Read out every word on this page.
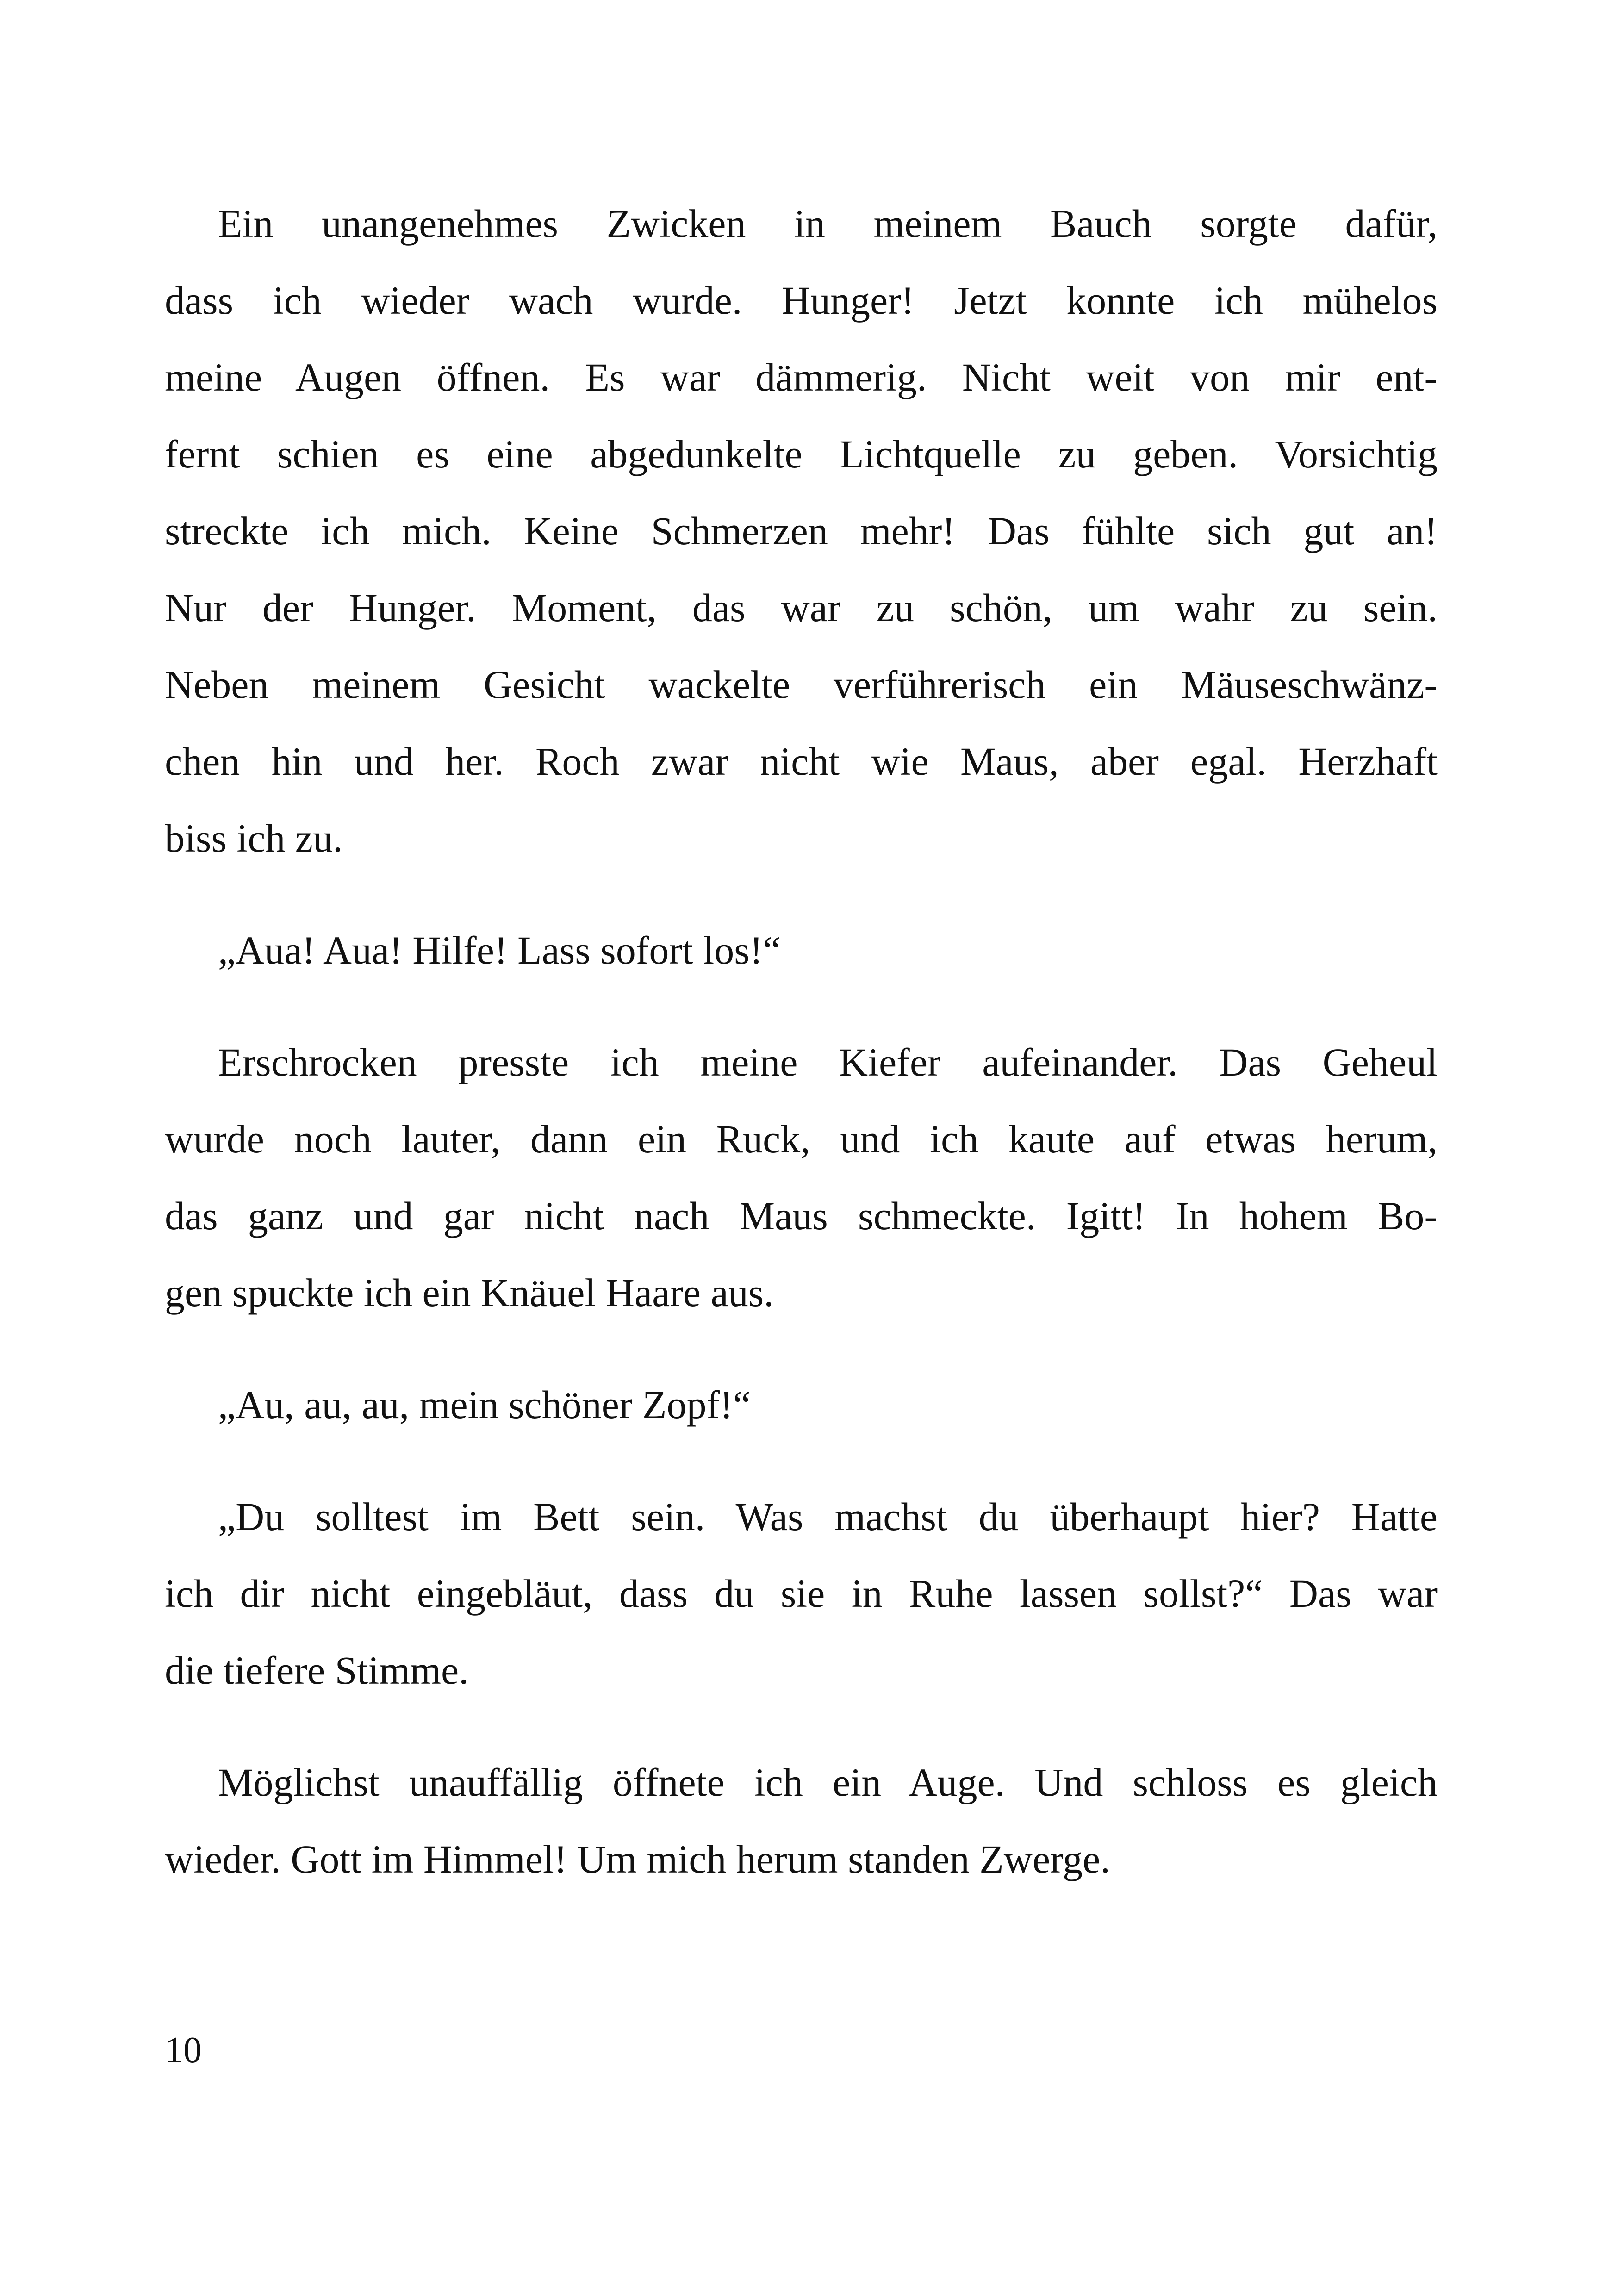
Ein unangenehmes Zwicken in meinem Bauch sorgte dafür,
dass ich wieder wach wurde. Hunger! Jetzt konnte ich mühelos
meine Augen öffnen. Es war dämmerig. Nicht weit von mir ent-
fernt schien es eine abgedunkelte Lichtquelle zu geben. Vorsichtig
streckte ich mich. Keine Schmerzen mehr! Das fühlte sich gut an!
Nur der Hunger. Moment, das war zu schön, um wahr zu sein.
Neben meinem Gesicht wackelte verführerisch ein Mäuseschwänz-
chen hin und her. Roch zwar nicht wie Maus, aber egal. Herzhaft
biss ich zu.
„Aua! Aua! Hilfe! Lass sofort los!“
Erschrocken presste ich meine Kiefer aufeinander. Das Geheul
wurde noch lauter, dann ein Ruck, und ich kaute auf etwas herum,
das ganz und gar nicht nach Maus schmeckte. Igitt! In hohem Bo-
gen spuckte ich ein Knäuel Haare aus.
„Au, au, au, mein schöner Zopf!“
„Du solltest im Bett sein. Was machst du überhaupt hier? Hatte
ich dir nicht eingebläut, dass du sie in Ruhe lassen sollst?“ Das war
die tiefere Stimme.
Möglichst unauffällig öffnete ich ein Auge. Und schloss es gleich
wieder. Gott im Himmel! Um mich herum standen Zwerge.
10
